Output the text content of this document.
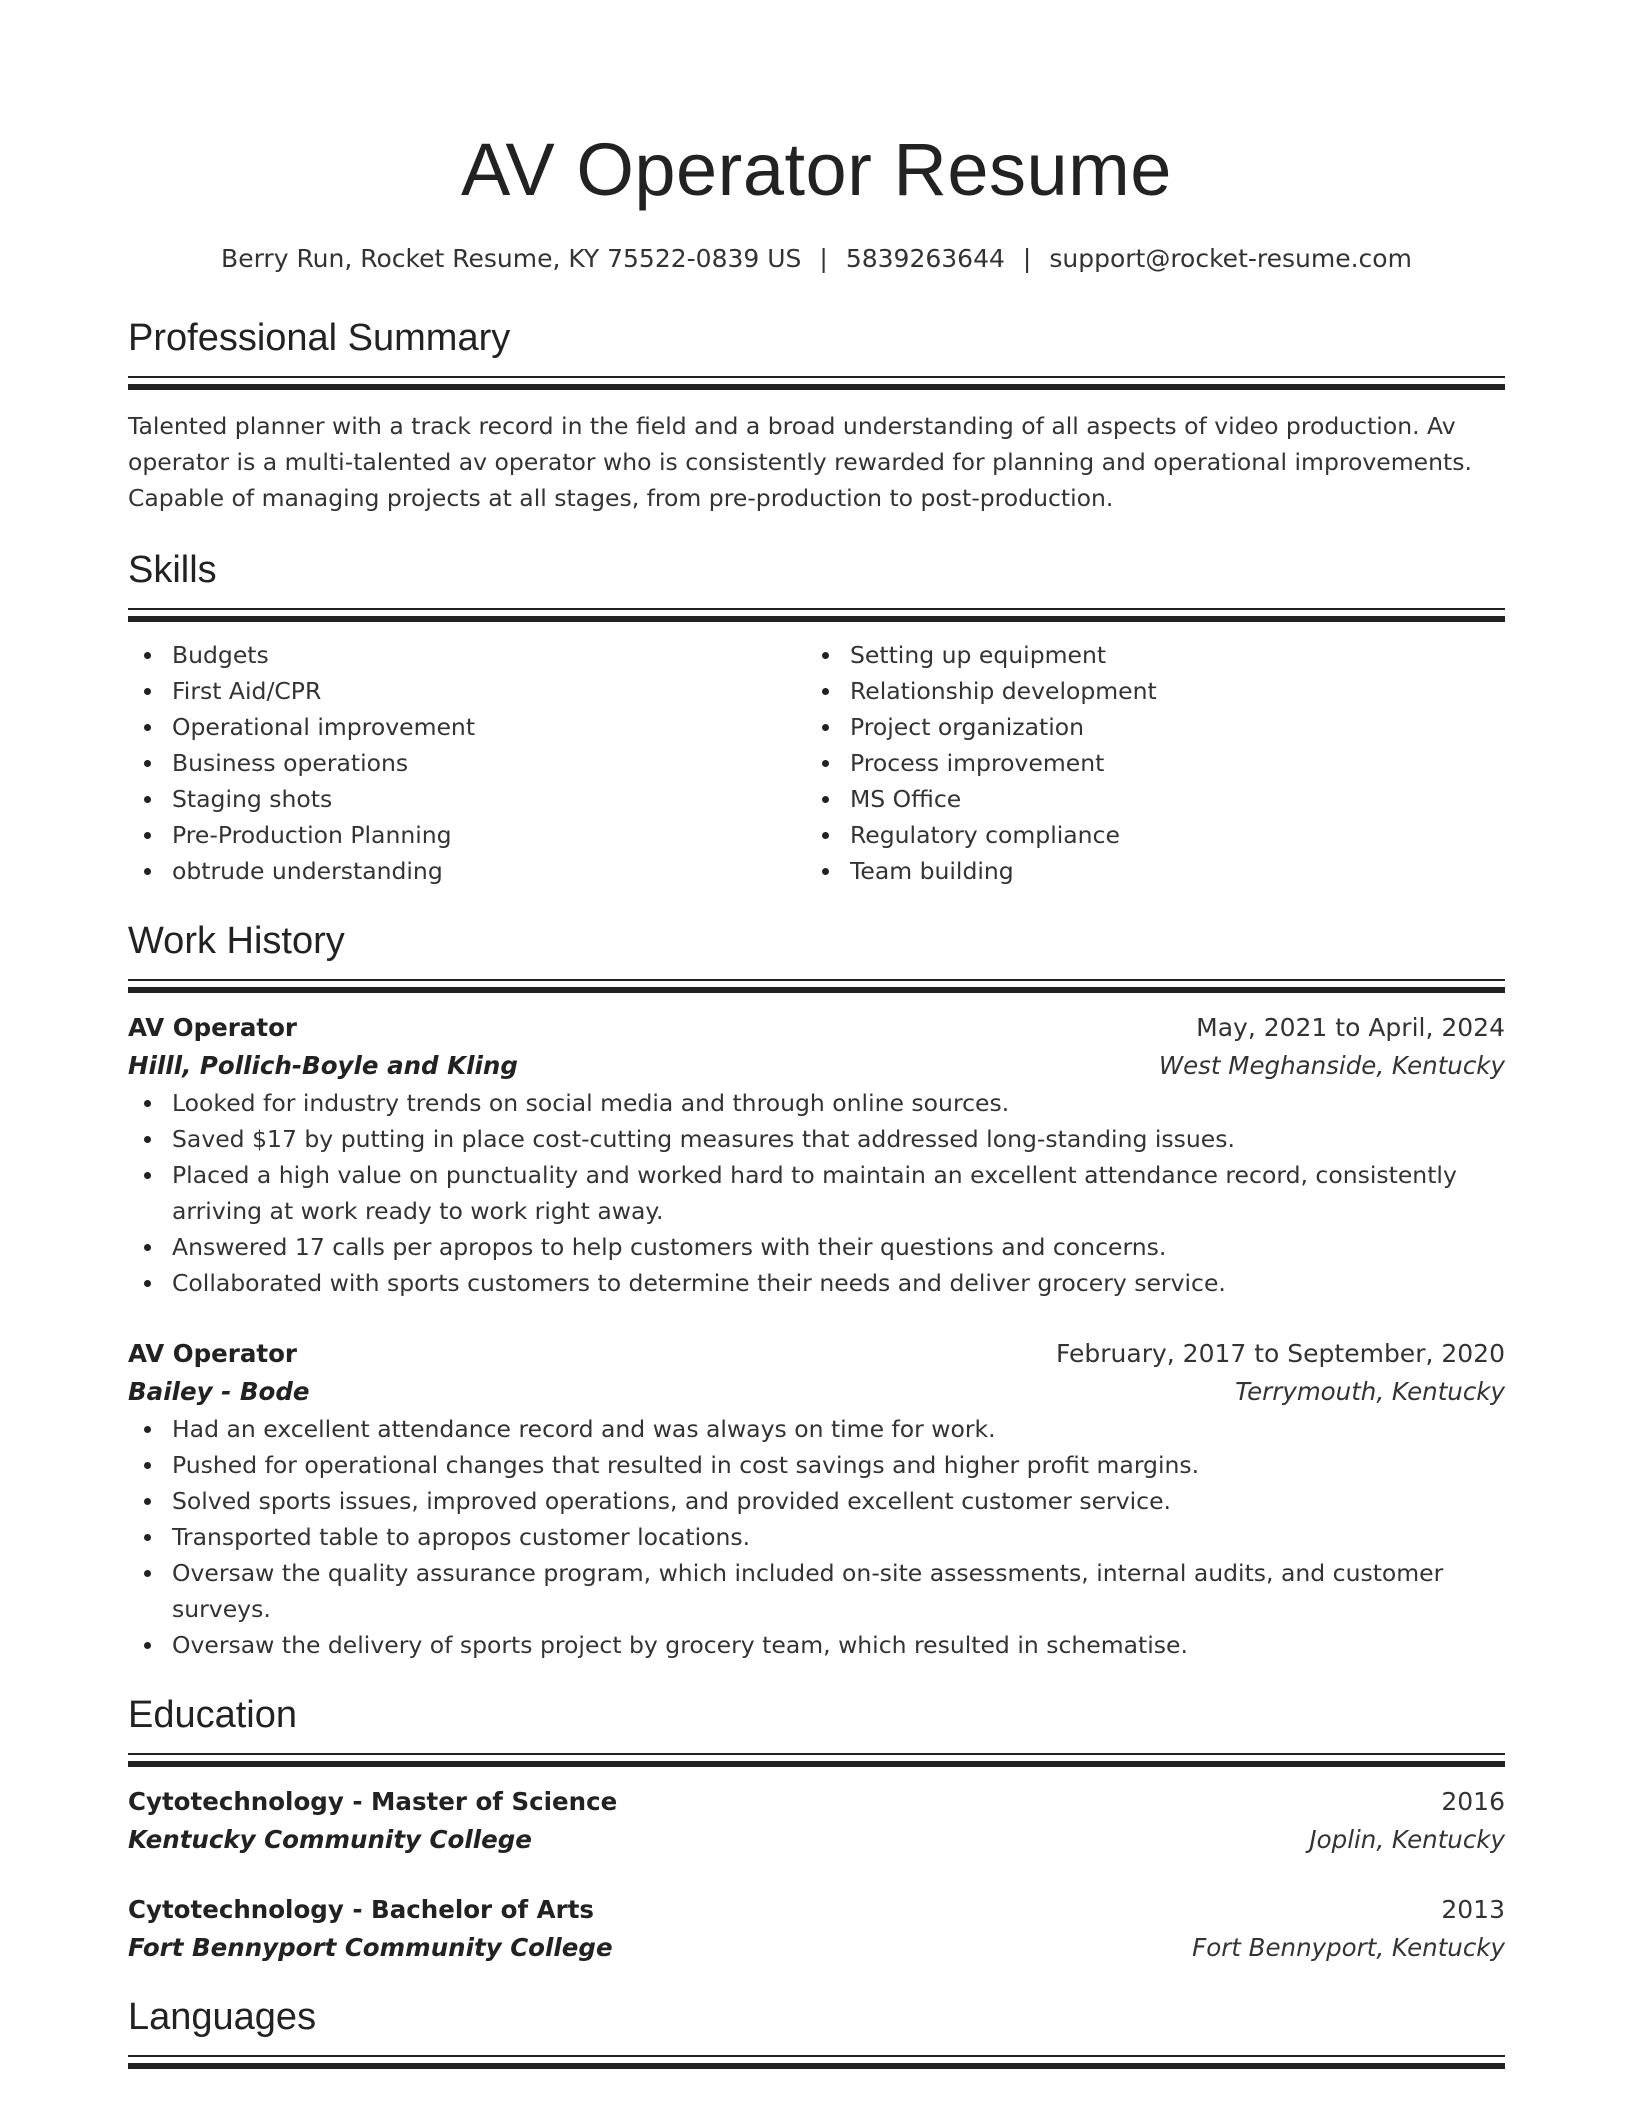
AV Operator Resume
Berry Run, Rocket Resume, KY 75522-0839 US | 5839263644 | support@rocket-resume.com
Professional Summary

Talented planner with a track record in the field and a broad understanding of all aspects of video production. Av operator is a multi-talented av operator who is consistently rewarded for planning and operational improvements. Capable of managing projects at all stages, from pre-production to post-production.

Skills
Budgets
First Aid/CPR
Operational improvement
Business operations
Staging shots
Pre-Production Planning
obtrude understanding
Setting up equipment
Relationship development
Project organization
Process improvement
MS Office
Regulatory compliance
Team building
Work History
AV Operator	May, 2021 to April, 2024
Hilll, Pollich-Boyle and Kling	West Meghanside, Kentucky
Looked for industry trends on social media and through online sources.
Saved $17 by putting in place cost-cutting measures that addressed long-standing issues.
Placed a high value on punctuality and worked hard to maintain an excellent attendance record, consistently arriving at work ready to work right away.
Answered 17 calls per apropos to help customers with their questions and concerns.
Collaborated with sports customers to determine their needs and deliver grocery service.
AV Operator	February, 2017 to September, 2020
Bailey - Bode	Terrymouth, Kentucky
Had an excellent attendance record and was always on time for work.
Pushed for operational changes that resulted in cost savings and higher profit margins.
Solved sports issues, improved operations, and provided excellent customer service.
Transported table to apropos customer locations.
Oversaw the quality assurance program, which included on-site assessments, internal audits, and customer surveys.
Oversaw the delivery of sports project by grocery team, which resulted in schematise.
Education
Cytotechnology - Master of Science	2016
Kentucky Community College	Joplin, Kentucky
Cytotechnology - Bachelor of Arts	2013
Fort Bennyport Community College	Fort Bennyport, Kentucky
Languages
